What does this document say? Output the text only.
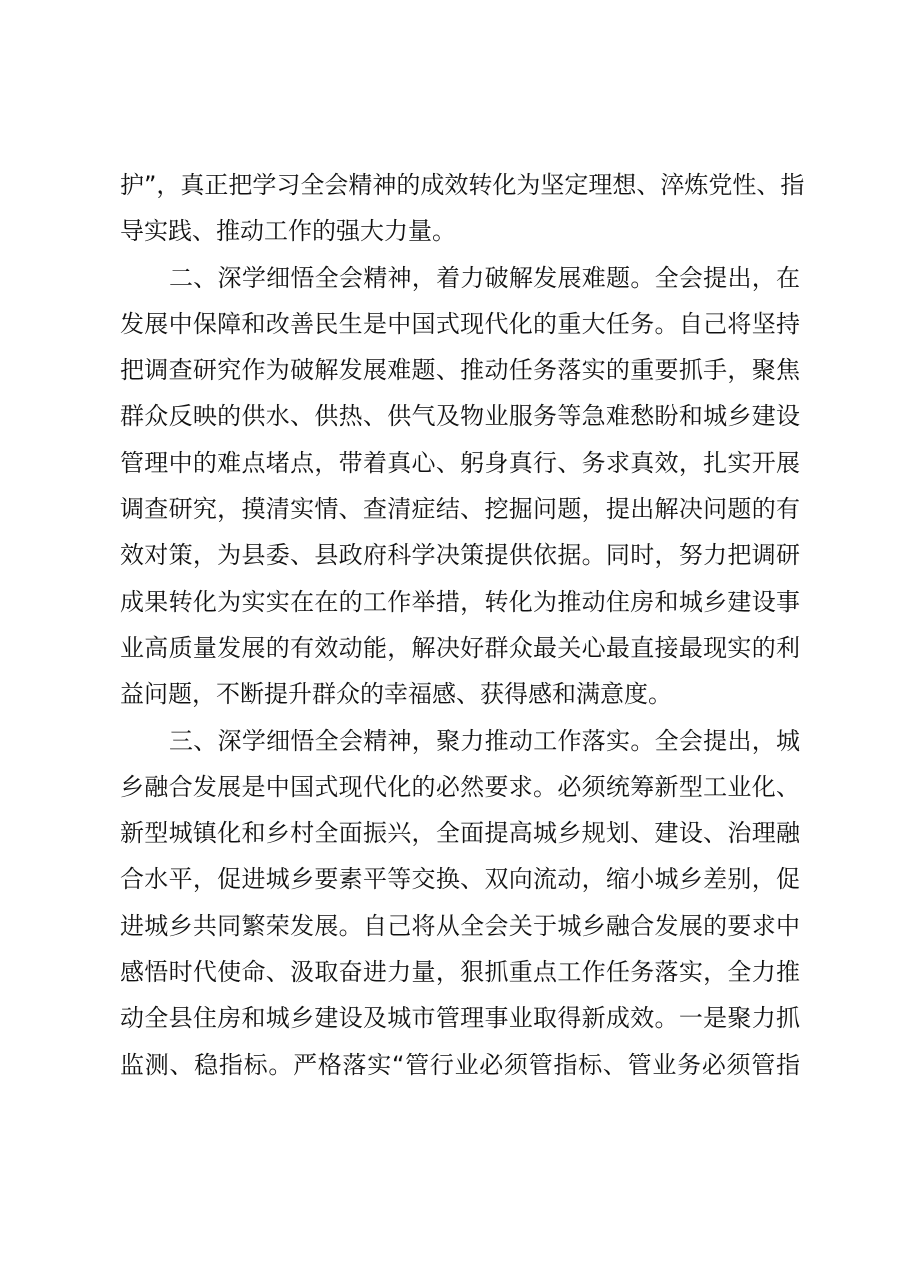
护”，真正把学习全会精神的成效转化为坚定理想、淬炼党性、指
导实践、推动工作的强大力量。
二、深学细悟全会精神，着力破解发展难题。全会提出，在
发展中保障和改善民生是中国式现代化的重大任务。自己将坚持
把调查研究作为破解发展难题、推动任务落实的重要抓手，聚焦
群众反映的供水、供热、供气及物业服务等急难愁盼和城乡建设
管理中的难点堵点，带着真心、躬身真行、务求真效，扎实开展
调查研究，摸清实情、查清症结、挖掘问题，提出解决问题的有
效对策，为县委、县政府科学决策提供依据。同时，努力把调研
成果转化为实实在在的工作举措，转化为推动住房和城乡建设事
业高质量发展的有效动能，解决好群众最关心最直接最现实的利
益问题，不断提升群众的幸福感、获得感和满意度。
三、深学细悟全会精神，聚力推动工作落实。全会提出，城
乡融合发展是中国式现代化的必然要求。必须统筹新型工业化、
新型城镇化和乡村全面振兴，全面提高城乡规划、建设、治理融
合水平，促进城乡要素平等交换、双向流动，缩小城乡差别，促
进城乡共同繁荣发展。自己将从全会关于城乡融合发展的要求中
感悟时代使命、汲取奋进力量，狠抓重点工作任务落实，全力推
动全县住房和城乡建设及城市管理事业取得新成效。一是聚力抓
监测、稳指标。严格落实“管行业必须管指标、管业务必须管指
